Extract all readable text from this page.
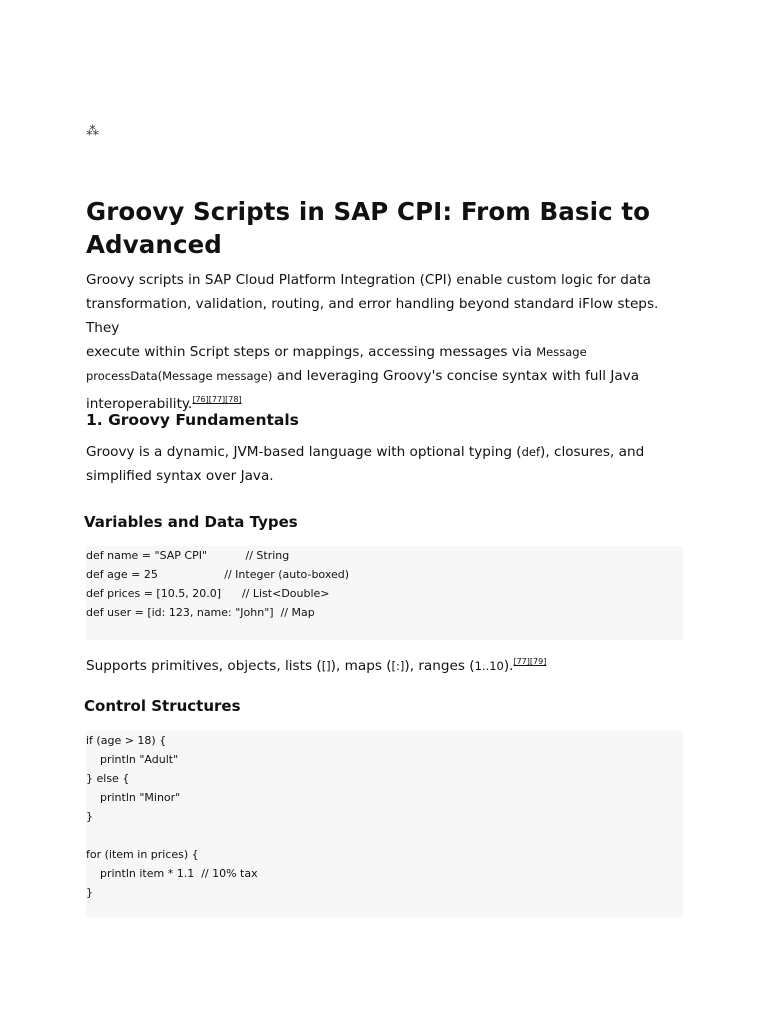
⁂
Groovy Scripts in SAP CPI: From Basic to
Advanced

Groovy scripts in SAP Cloud Platform Integration (CPI) enable custom logic for data
transformation, validation, routing, and error handling beyond standard iFlow steps. They
execute within Script steps or mappings, accessing messages via Message
processData(Message message) and leveraging Groovy's concise syntax with full Java
interoperability.[76][77][78]

1. Groovy Fundamentals

Groovy is a dynamic, JVM-based language with optional typing (def), closures, and
simplified syntax over Java.

Variables and Data Types
def name = "SAP CPI"           // String
def age = 25                   // Integer (auto-boxed)
def prices = [10.5, 20.0]      // List<Double>
def user = [id: 123, name: "John"]  // Map

Supports primitives, objects, lists ([]), maps ([:]), ranges (1..10).[77][79]

Control Structures
if (age > 18) {
println "Adult"
} else {
println "Minor"
}
for (item in prices) {
println item * 1.1  // 10% tax
}
